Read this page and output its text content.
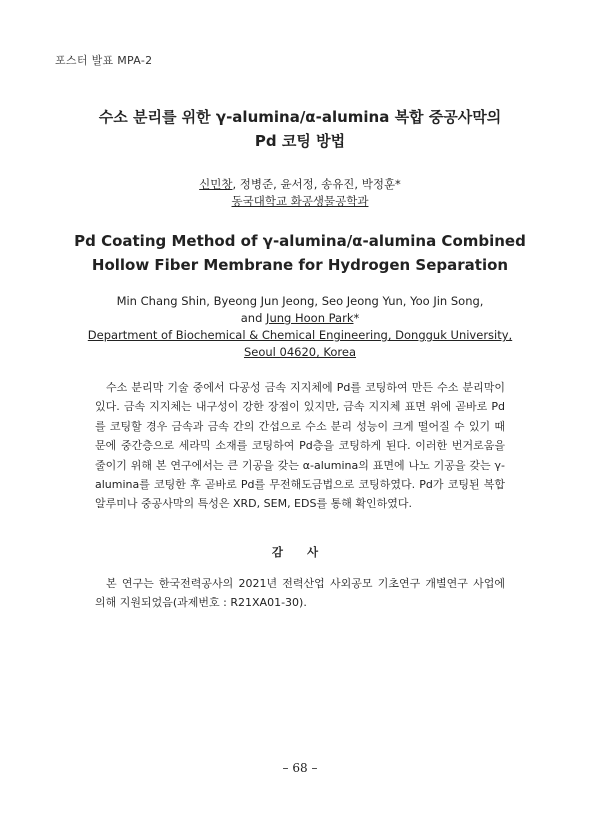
포스터 발표 MPA-2
수소 분리를 위한 γ-alumina/α-alumina 복합 중공사막의
Pd 코팅 방법
신민창, 정병준, 윤서정, 송유진, 박정훈*
동국대학교 화공생물공학과
Pd Coating Method of γ-alumina/α-alumina Combined
Hollow Fiber Membrane for Hydrogen Separation
Min Chang Shin, Byeong Jun Jeong, Seo Jeong Yun, Yoo Jin Song,
and Jung Hoon Park*
Department of Biochemical & Chemical Engineering, Dongguk University,
Seoul 04620, Korea

수소 분리막 기술 중에서 다공성 금속 지지체에 Pd를 코팅하여 만든 수소 분리막이 있다. 금속 지지체는 내구성이 강한 장점이 있지만, 금속 지지체 표면 위에 곧바로 Pd를 코팅할 경우 금속과 금속 간의 간섭으로 수소 분리 성능이 크게 떨어질 수 있기 때문에 중간층으로 세라믹 소재를 코팅하여 Pd층을 코팅하게 된다. 이러한 번거로움을 줄이기 위해 본 연구에서는 큰 기공을 갖는 α-alumina의 표면에 나노 기공을 갖는 γ-alumina를 코팅한 후 곧바로 Pd를 무전해도금법으로 코팅하였다. Pd가 코팅된 복합 알루미나 중공사막의 특성은 XRD, SEM, EDS를 통해 확인하였다.

감 사

본 연구는 한국전력공사의 2021년 전력산업 사외공모 기초연구 개별연구 사업에 의해 지원되었음(과제번호 : R21XA01-30).

– 68 –
